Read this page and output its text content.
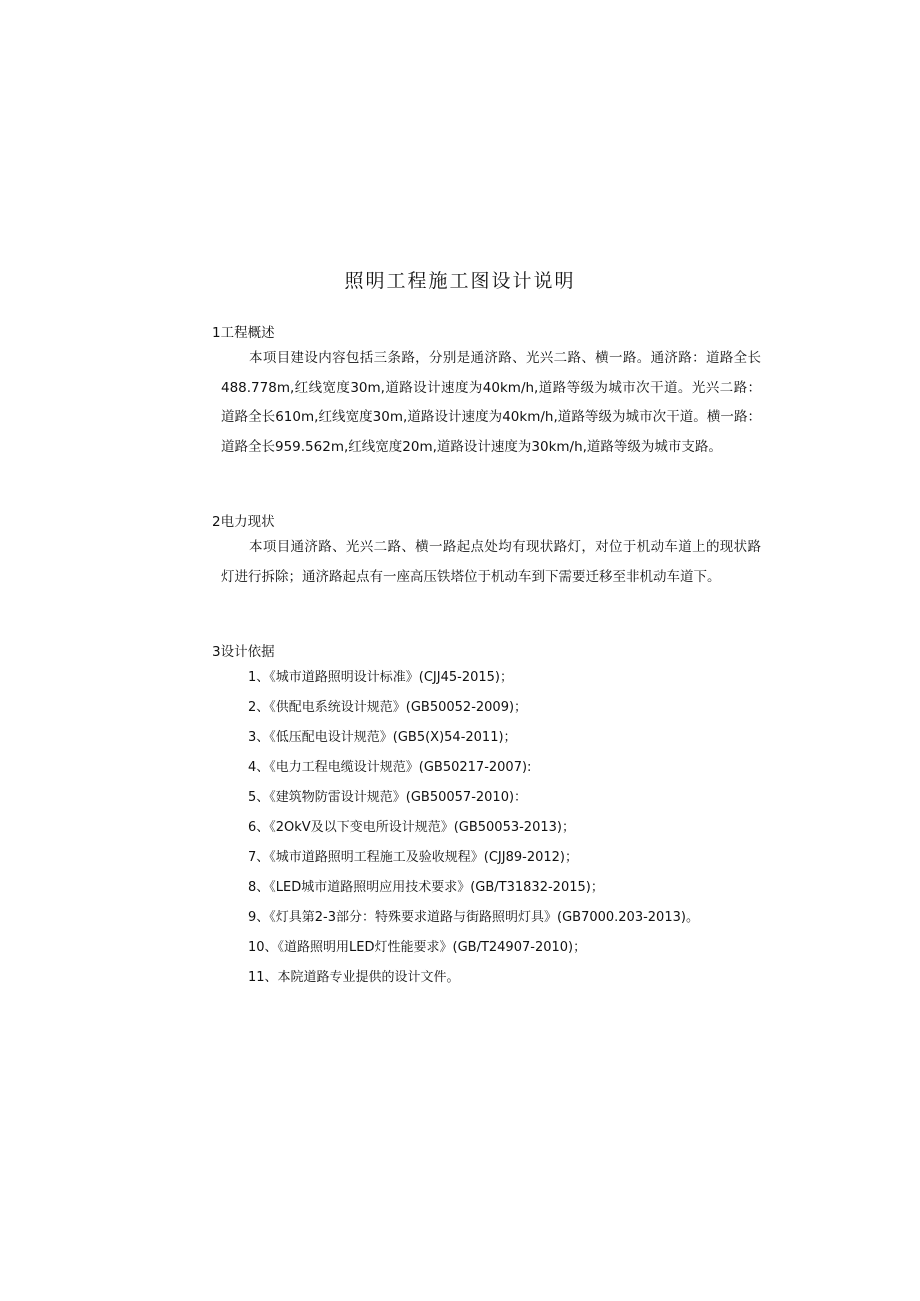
照明工程施工图设计说明
1工程概述

本项目建设内容包括三条路，分别是通济路、光兴二路、横一路。通济路：道路全长488.778m,红线宽度30m,道路设计速度为40km∕h,道路等级为城市次干道。光兴二路：道路全长610m,红线宽度30m,道路设计速度为40km∕h,道路等级为城市次干道。横一路：道路全长959.562m,红线宽度20m,道路设计速度为30km∕h,道路等级为城市支路。

2电力现状

本项目通济路、光兴二路、横一路起点处均有现状路灯，对位于机动车道上的现状路灯进行拆除；通济路起点有一座高压铁塔位于机动车到下需要迁移至非机动车道下。

3设计依据
1、《城市道路照明设计标准》(CJJ45-2015)；
2、《供配电系统设计规范》(GB50052-2009)；
3、《低压配电设计规范》(GB5(X)54-2011)；
4、《电力工程电缆设计规范》(GB50217-2007):
5、《建筑物防雷设计规范》(GB50057-2010)：
6、《2OkV及以下变电所设计规范》(GB50053-2013)；
7、《城市道路照明工程施工及验收规程》(CJJ89-2012)；
8、《LED城市道路照明应用技术要求》(GB/T31832-2015)；
9、《灯具第2-3部分：特殊要求道路与街路照明灯具》(GB7000.203-2013)。
10、《道路照明用LED灯性能要求》(GB/T24907-2010)；
11、本院道路专业提供的设计文件。
